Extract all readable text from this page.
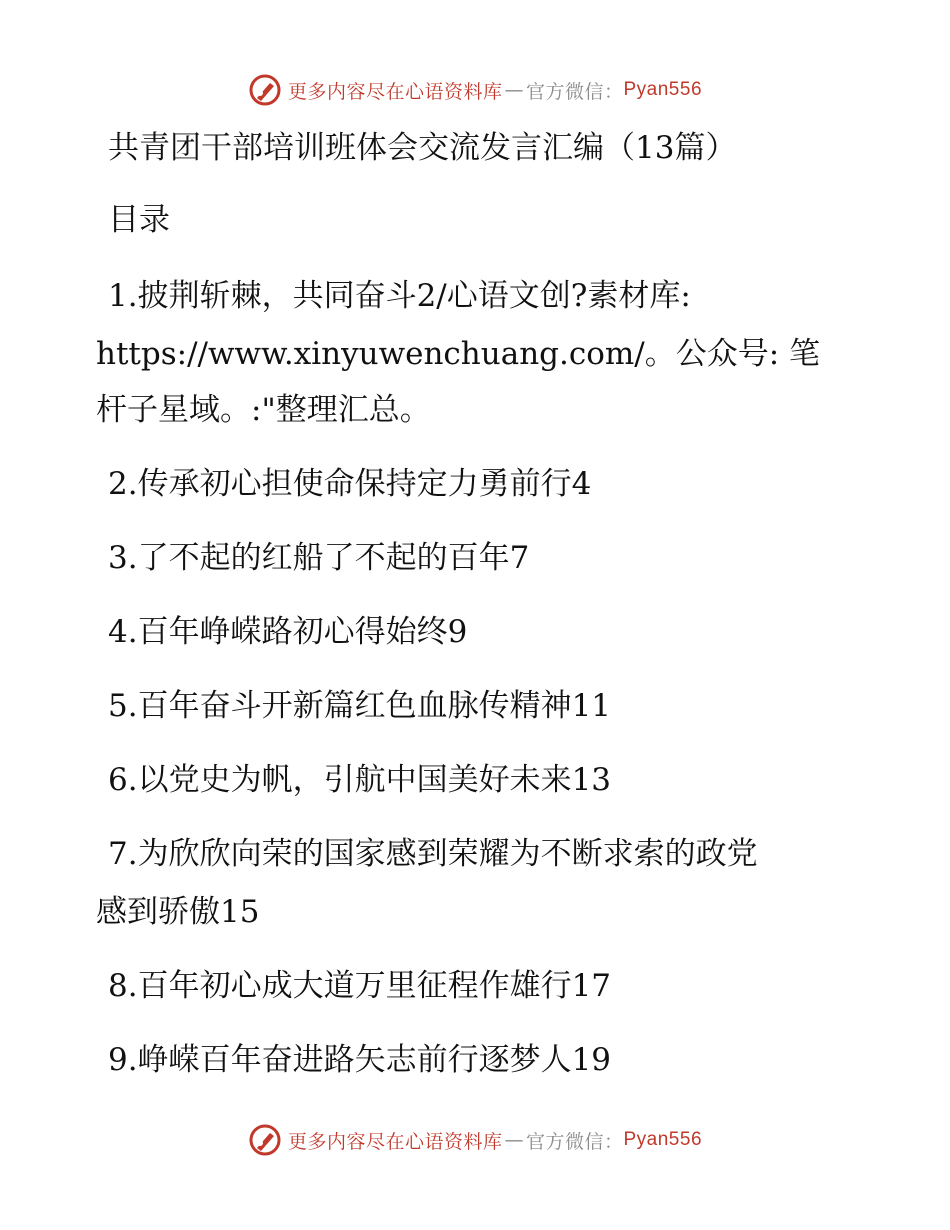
更多内容尽在心语资料库 — 官方微信： Pyan556
共青团干部培训班体会交流发言汇编（13篇）
目录
1.披荆斩棘，共同奋斗2/心语文创?素材库:
https://www.xinyuwenchuang.com/。公众号: 笔
杆子星域。:"整理汇总。
2.传承初心担使命保持定力勇前行4
3.了不起的红船了不起的百年7
4.百年峥嵘路初心得始终9
5.百年奋斗开新篇红色血脉传精神11
6.以党史为帆，引航中国美好未来13
7.为欣欣向荣的国家感到荣耀为不断求索的政党
感到骄傲15
8.百年初心成大道万里征程作雄行17
9.峥嵘百年奋进路矢志前行逐梦人19
更多内容尽在心语资料库 — 官方微信： Pyan556
